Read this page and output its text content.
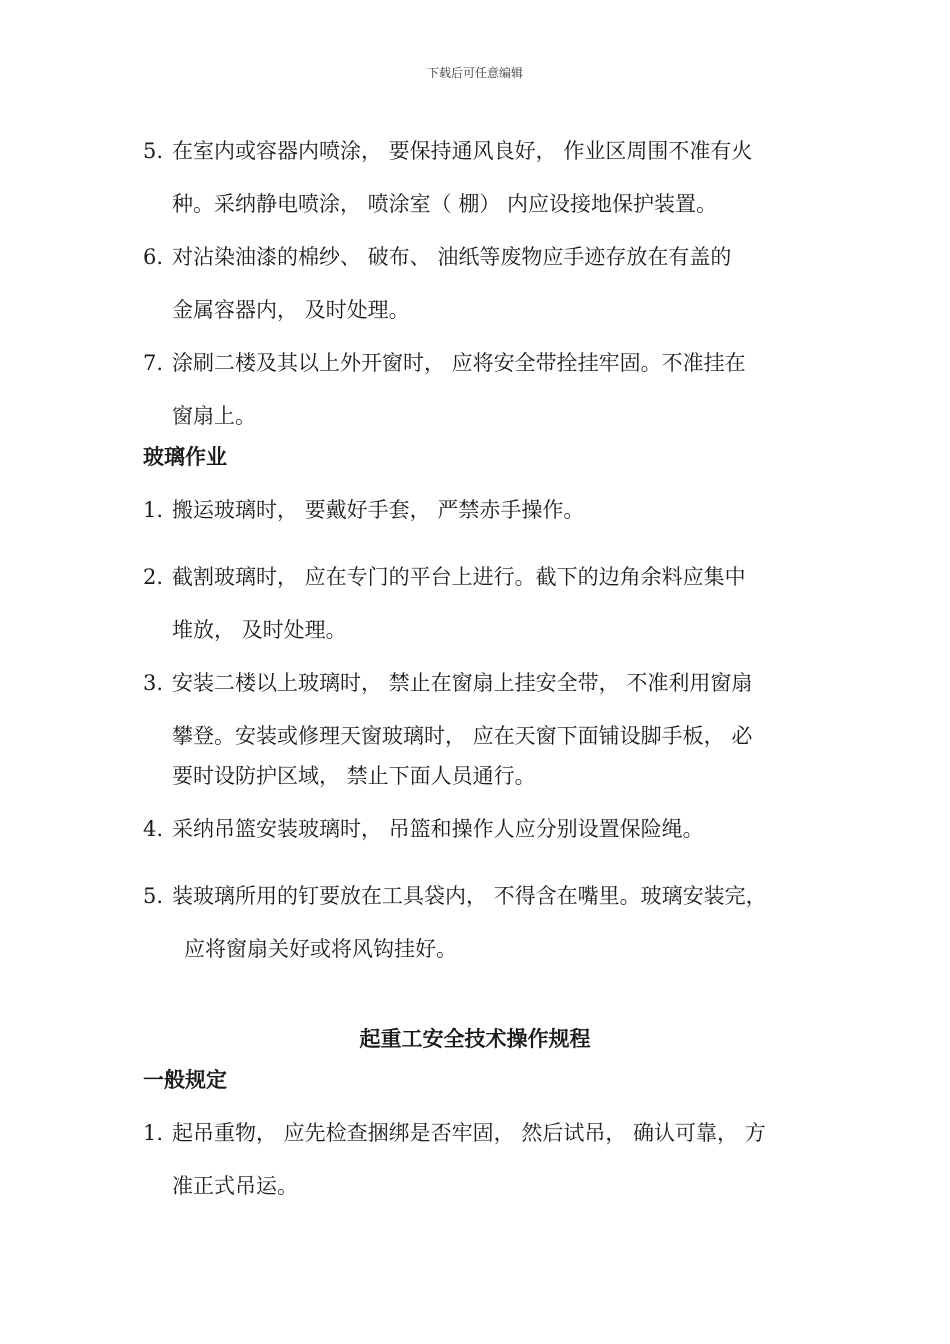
下载后可任意编辑
5. 在室内或容器内喷涂， 要保持通风良好， 作业区周围不准有火
种。采纳静电喷涂， 喷涂室（ 棚） 内应设接地保护装置。
6. 对沾染油漆的棉纱、 破布、 油纸等废物应手迹存放在有盖的
金属容器内， 及时处理。
7. 涂刷二楼及其以上外开窗时， 应将安全带拴挂牢固。不准挂在
窗扇上。
玻璃作业
1. 搬运玻璃时， 要戴好手套， 严禁赤手操作。
2. 截割玻璃时， 应在专门的平台上进行。截下的边角余料应集中
堆放， 及时处理。
3. 安装二楼以上玻璃时， 禁止在窗扇上挂安全带， 不准利用窗扇
攀登。安装或修理天窗玻璃时， 应在天窗下面铺设脚手板， 必
要时设防护区域， 禁止下面人员通行。
4. 采纳吊篮安装玻璃时， 吊篮和操作人应分别设置保险绳。
5. 装玻璃所用的钉要放在工具袋内， 不得含在嘴里。玻璃安装完，
应将窗扇关好或将风钩挂好。
起重工安全技术操作规程
一般规定
1. 起吊重物， 应先检查捆绑是否牢固， 然后试吊， 确认可靠， 方
准正式吊运。
